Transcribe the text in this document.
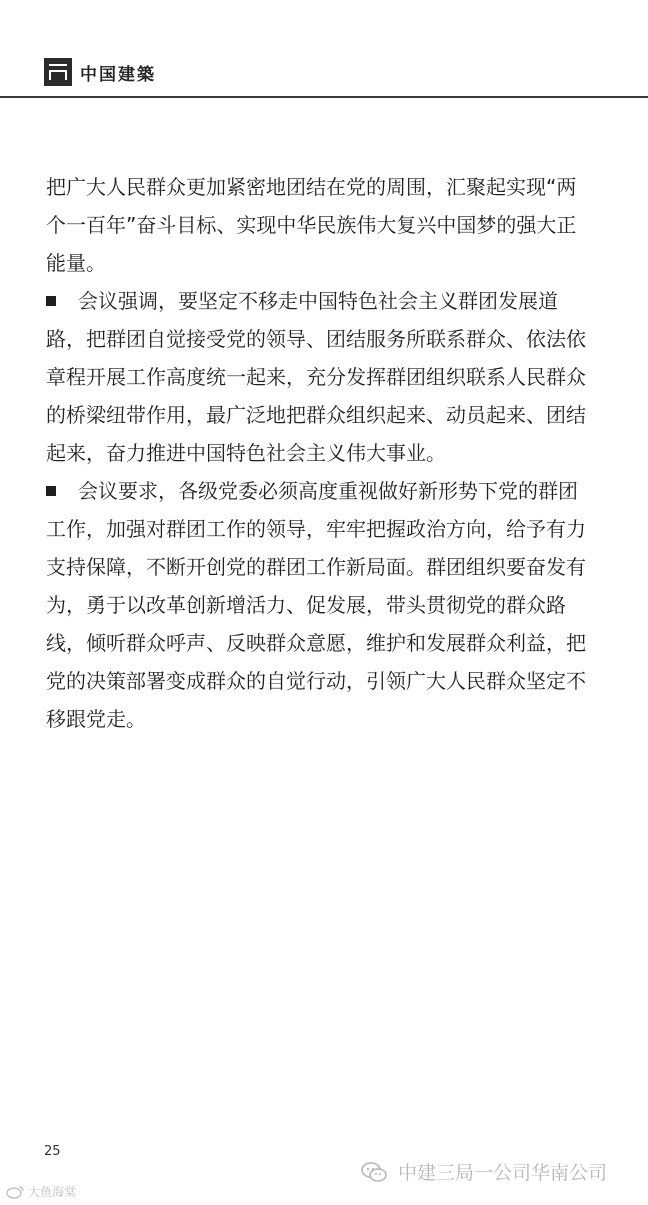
中国建築

把广大人民群众更加紧密地团结在党的周围，汇聚起实现“两个一百年”奋斗目标、实现中华民族伟大复兴中国梦的强大正能量。

会议强调，要坚定不移走中国特色社会主义群团发展道路，把群团自觉接受党的领导、团结服务所联系群众、依法依章程开展工作高度统一起来，充分发挥群团组织联系人民群众的桥梁纽带作用，最广泛地把群众组织起来、动员起来、团结起来，奋力推进中国特色社会主义伟大事业。

会议要求，各级党委必须高度重视做好新形势下党的群团工作，加强对群团工作的领导，牢牢把握政治方向，给予有力支持保障，不断开创党的群团工作新局面。群团组织要奋发有为，勇于以改革创新增活力、促发展，带头贯彻党的群众路线，倾听群众呼声、反映群众意愿，维护和发展群众利益，把党的决策部署变成群众的自觉行动，引领广大人民群众坚定不移跟党走。

25
中建三局一公司华南公司
大鱼海棠
